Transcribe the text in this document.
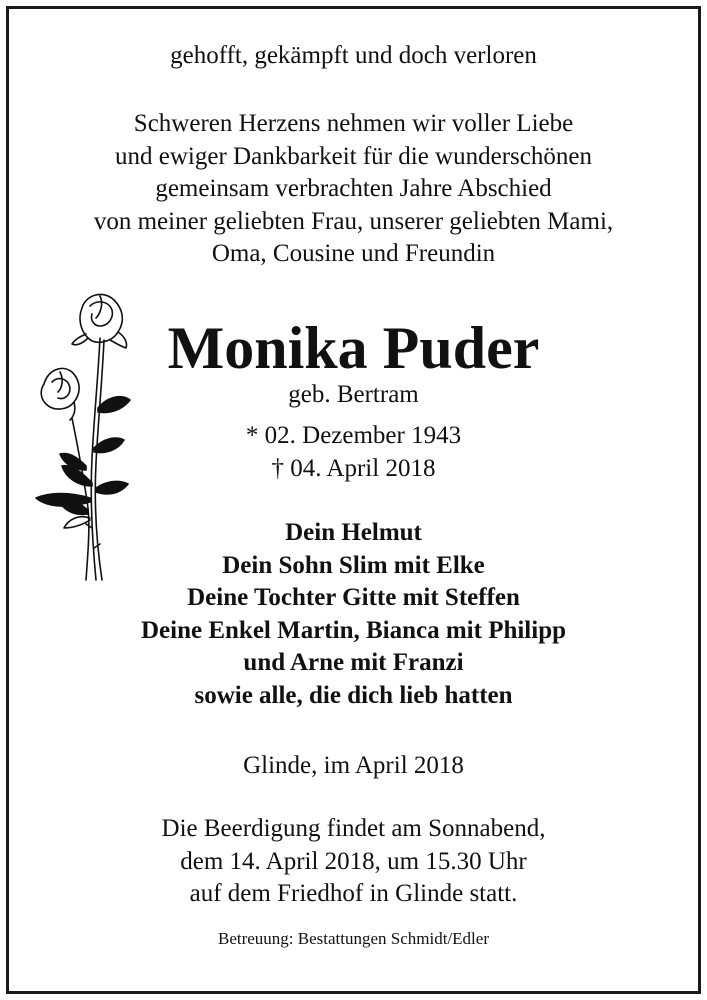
gehofft, gekämpft und doch verloren
Schweren Herzens nehmen wir voller Liebe
und ewiger Dankbarkeit für die wunderschönen
gemeinsam verbrachten Jahre Abschied
von meiner geliebten Frau, unserer geliebten Mami,
Oma, Cousine und Freundin
Monika Puder
geb. Bertram
* 02. Dezember 1943
† 04. April 2018
Dein Helmut
Dein Sohn Slim mit Elke
Deine Tochter Gitte mit Steffen
Deine Enkel Martin, Bianca mit Philipp
und Arne mit Franzi
sowie alle, die dich lieb hatten
Glinde, im April 2018
Die Beerdigung findet am Sonnabend,
dem 14. April 2018, um 15.30 Uhr
auf dem Friedhof in Glinde statt.
Betreuung: Bestattungen Schmidt/Edler
